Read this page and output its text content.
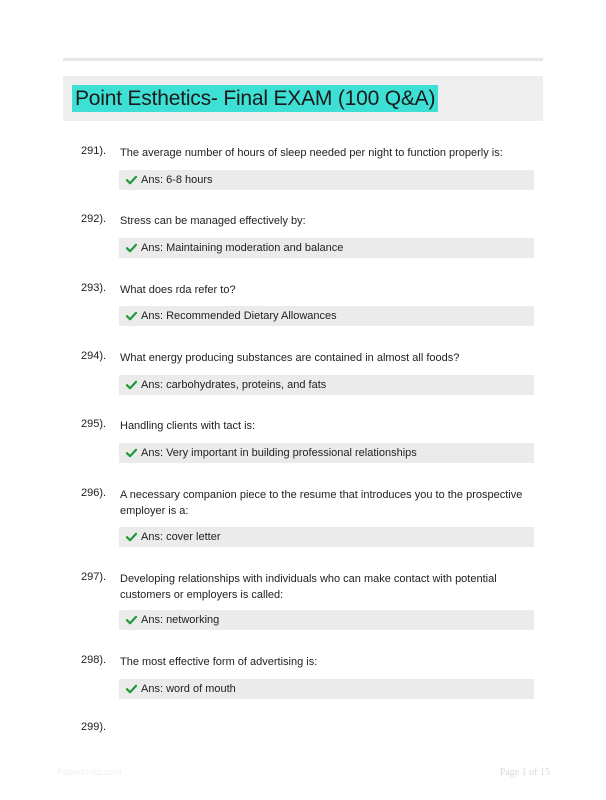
Point Esthetics- Final EXAM (100 Q&A)
291). The average number of hours of sleep needed per night to function properly is:
Ans: 6-8 hours
292). Stress can be managed effectively by:
Ans: Maintaining moderation and balance
293). What does rda refer to?
Ans: Recommended Dietary Allowances
294). What energy producing substances are contained in almost all foods?
Ans: carbohydrates, proteins, and fats
295). Handling clients with tact is:
Ans: Very important in building professional relationships
296). A necessary companion piece to the resume that introduces you to the prospective employer is a:
Ans: cover letter
297). Developing relationships with individuals who can make contact with potential customers or employers is called:
Ans: networking
298). The most effective form of advertising is:
Ans: word of mouth
299).
Papertrickz.com	Page 1 of 15
